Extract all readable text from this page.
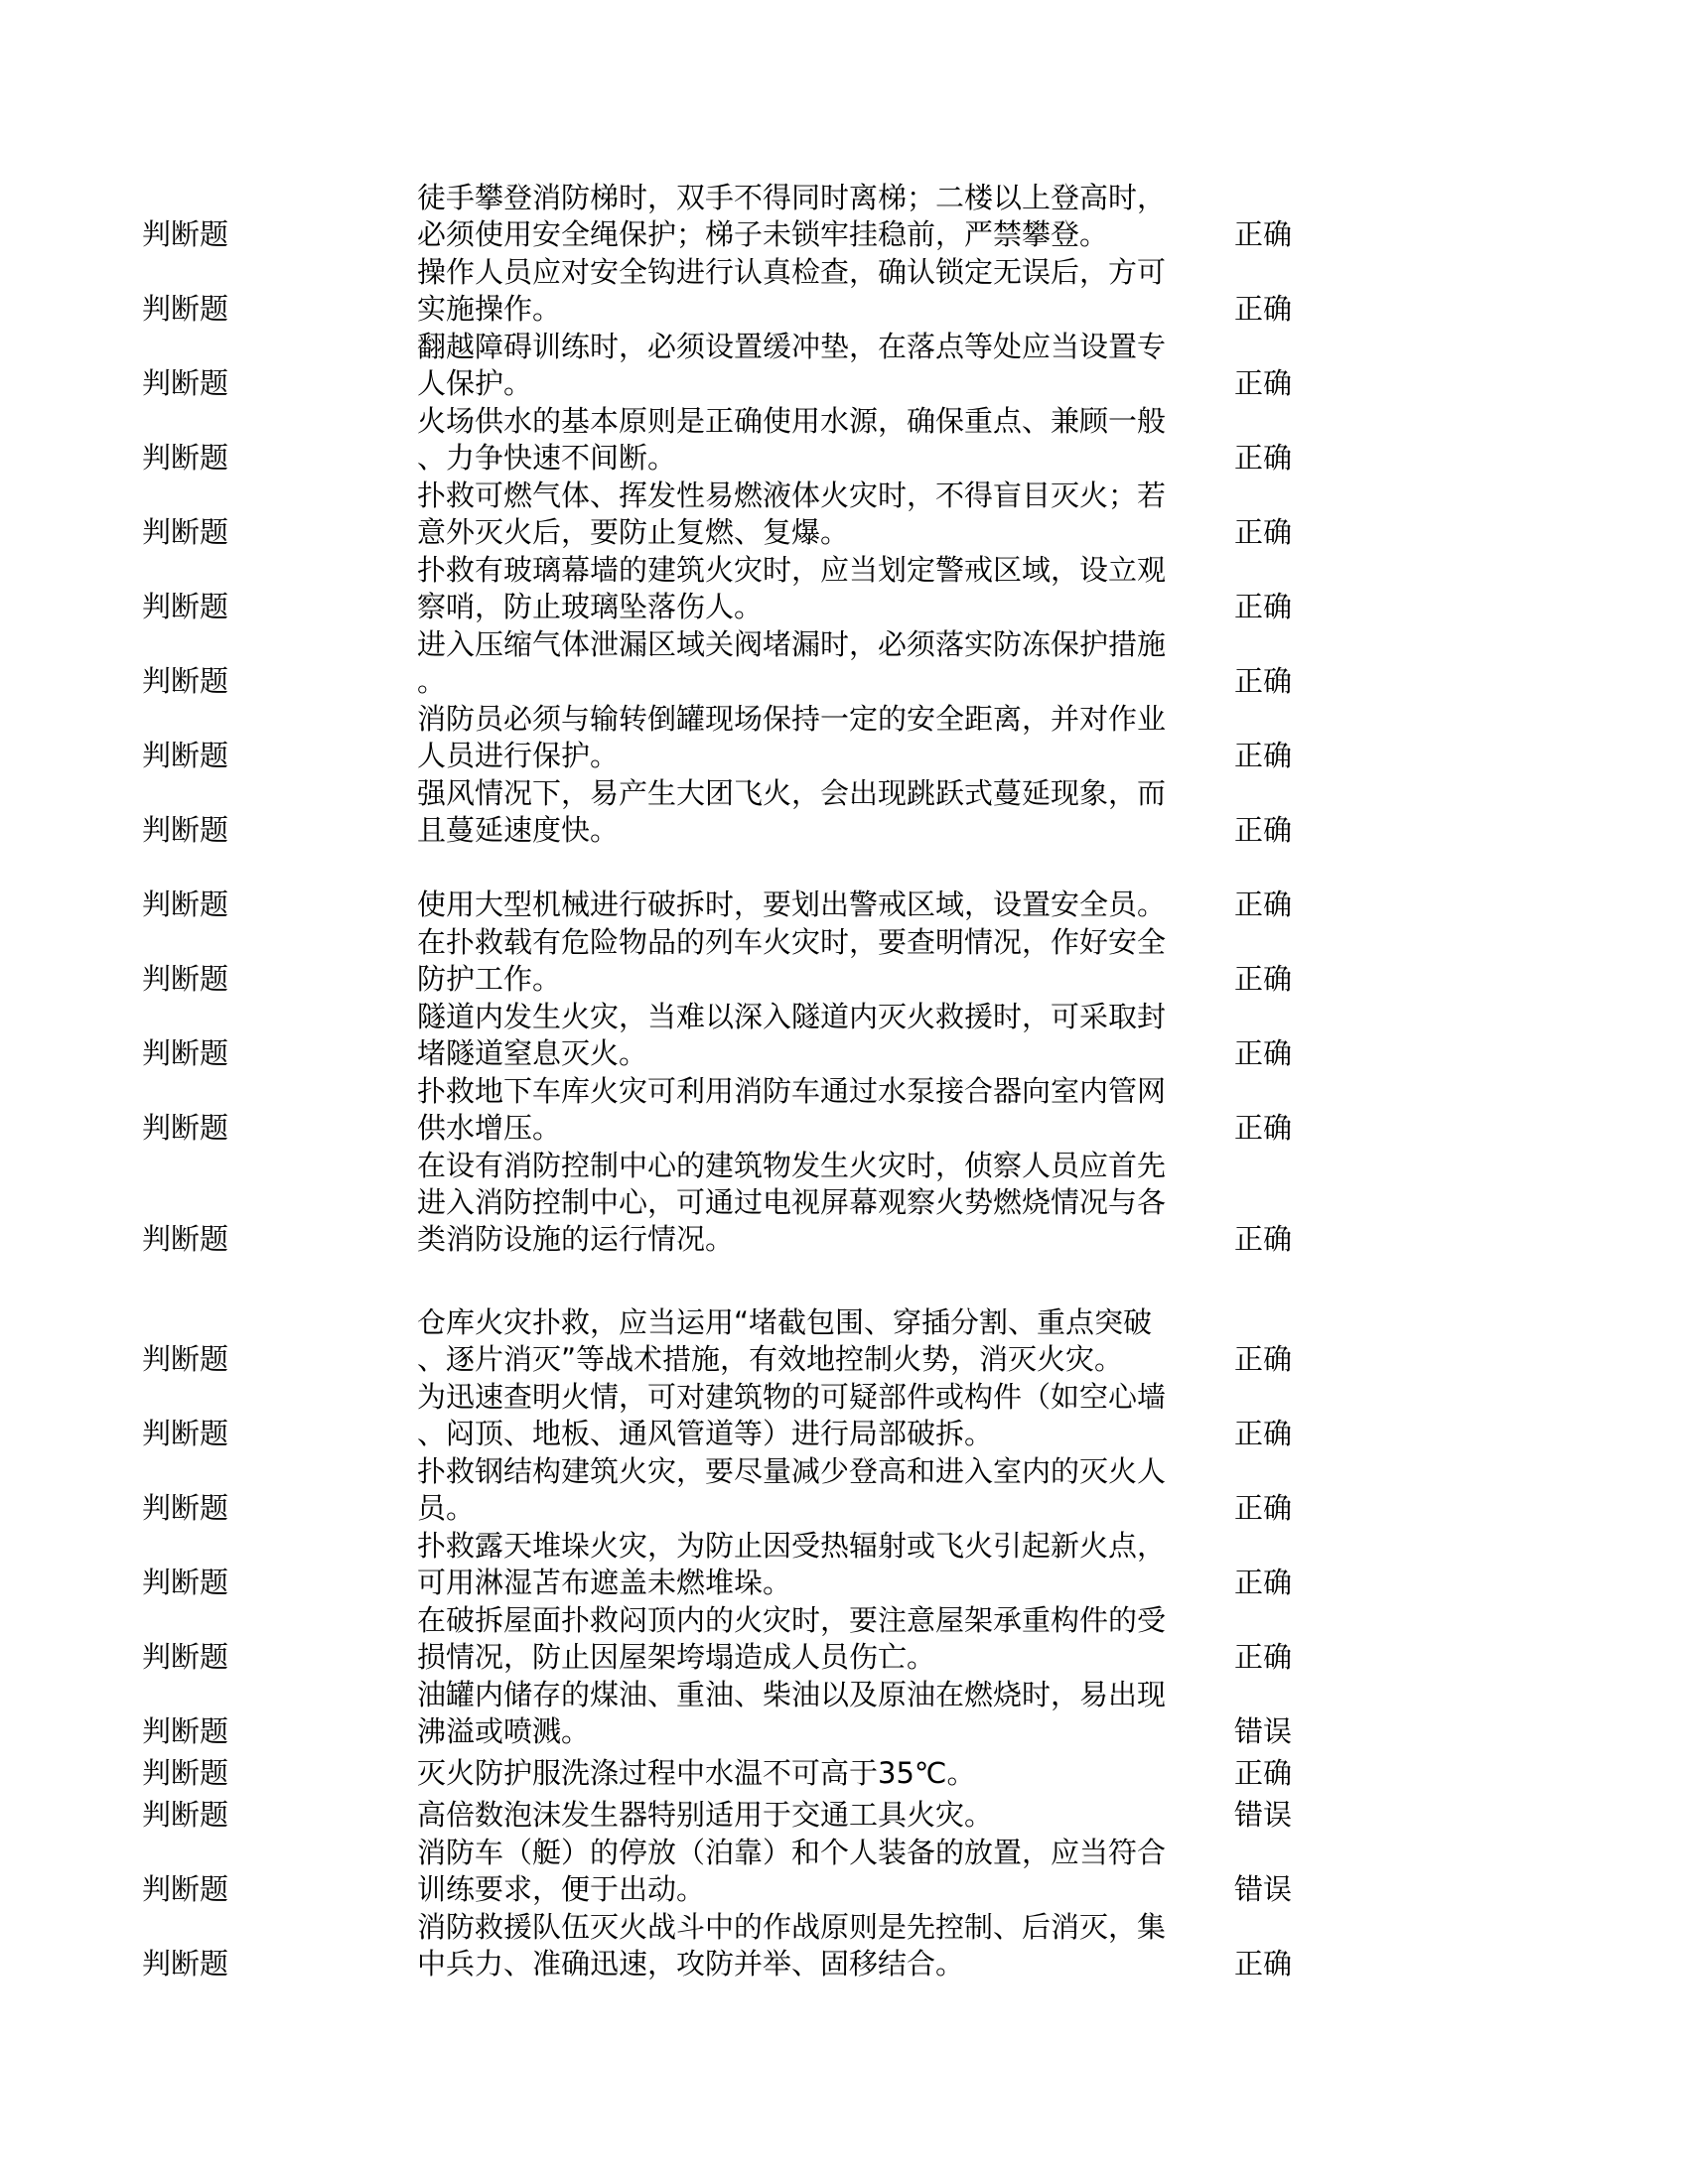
判断题
徒手攀登消防梯时，双手不得同时离梯；二楼以上登高时，
必须使用安全绳保护；梯子未锁牢挂稳前，严禁攀登。	正确
判断题
操作人员应对安全钩进行认真检查，确认锁定无误后，方可
实施操作。	正确
判断题
翻越障碍训练时，必须设置缓冲垫，在落点等处应当设置专
人保护。	正确
判断题
火场供水的基本原则是正确使用水源，确保重点、兼顾一般
、力争快速不间断。	正确
判断题
扑救可燃气体、挥发性易燃液体火灾时，不得盲目灭火；若
意外灭火后，要防止复燃、复爆。	正确
判断题
扑救有玻璃幕墙的建筑火灾时，应当划定警戒区域，设立观
察哨，防止玻璃坠落伤人。	正确
判断题
进入压缩气体泄漏区域关阀堵漏时，必须落实防冻保护措施
。	正确
判断题
消防员必须与输转倒罐现场保持一定的安全距离，并对作业
人员进行保护。	正确
判断题
强风情况下，易产生大团飞火，会出现跳跃式蔓延现象，而
且蔓延速度快。	正确
判断题	使用大型机械进行破拆时，要划出警戒区域，设置安全员。	正确
判断题
在扑救载有危险物品的列车火灾时，要查明情况，作好安全
防护工作。	正确
判断题
隧道内发生火灾，当难以深入隧道内灭火救援时，可采取封
堵隧道窒息灭火。	正确
判断题
扑救地下车库火灾可利用消防车通过水泵接合器向室内管网
供水增压。	正确
判断题
在设有消防控制中心的建筑物发生火灾时，侦察人员应首先
进入消防控制中心，可通过电视屏幕观察火势燃烧情况与各
类消防设施的运行情况。	正确
判断题
仓库火灾扑救，应当运用“堵截包围、穿插分割、重点突破
、逐片消灭”等战术措施，有效地控制火势，消灭火灾。	正确
判断题
为迅速查明火情，可对建筑物的可疑部件或构件（如空心墙
、闷顶、地板、通风管道等）进行局部破拆。	正确
判断题
扑救钢结构建筑火灾，要尽量减少登高和进入室内的灭火人
员。	正确
判断题
扑救露天堆垛火灾，为防止因受热辐射或飞火引起新火点，
可用淋湿苫布遮盖未燃堆垛。	正确
判断题
在破拆屋面扑救闷顶内的火灾时，要注意屋架承重构件的受
损情况，防止因屋架垮塌造成人员伤亡。	正确
判断题
油罐内储存的煤油、重油、柴油以及原油在燃烧时，易出现
沸溢或喷溅。	错误
判断题	灭火防护服洗涤过程中水温不可高于35℃。	正确
判断题	高倍数泡沫发生器特别适用于交通工具火灾。	错误
判断题
消防车（艇）的停放（泊靠）和个人装备的放置，应当符合
训练要求，便于出动。	错误
判断题
消防救援队伍灭火战斗中的作战原则是先控制、后消灭，集
中兵力、准确迅速，攻防并举、固移结合。	正确
